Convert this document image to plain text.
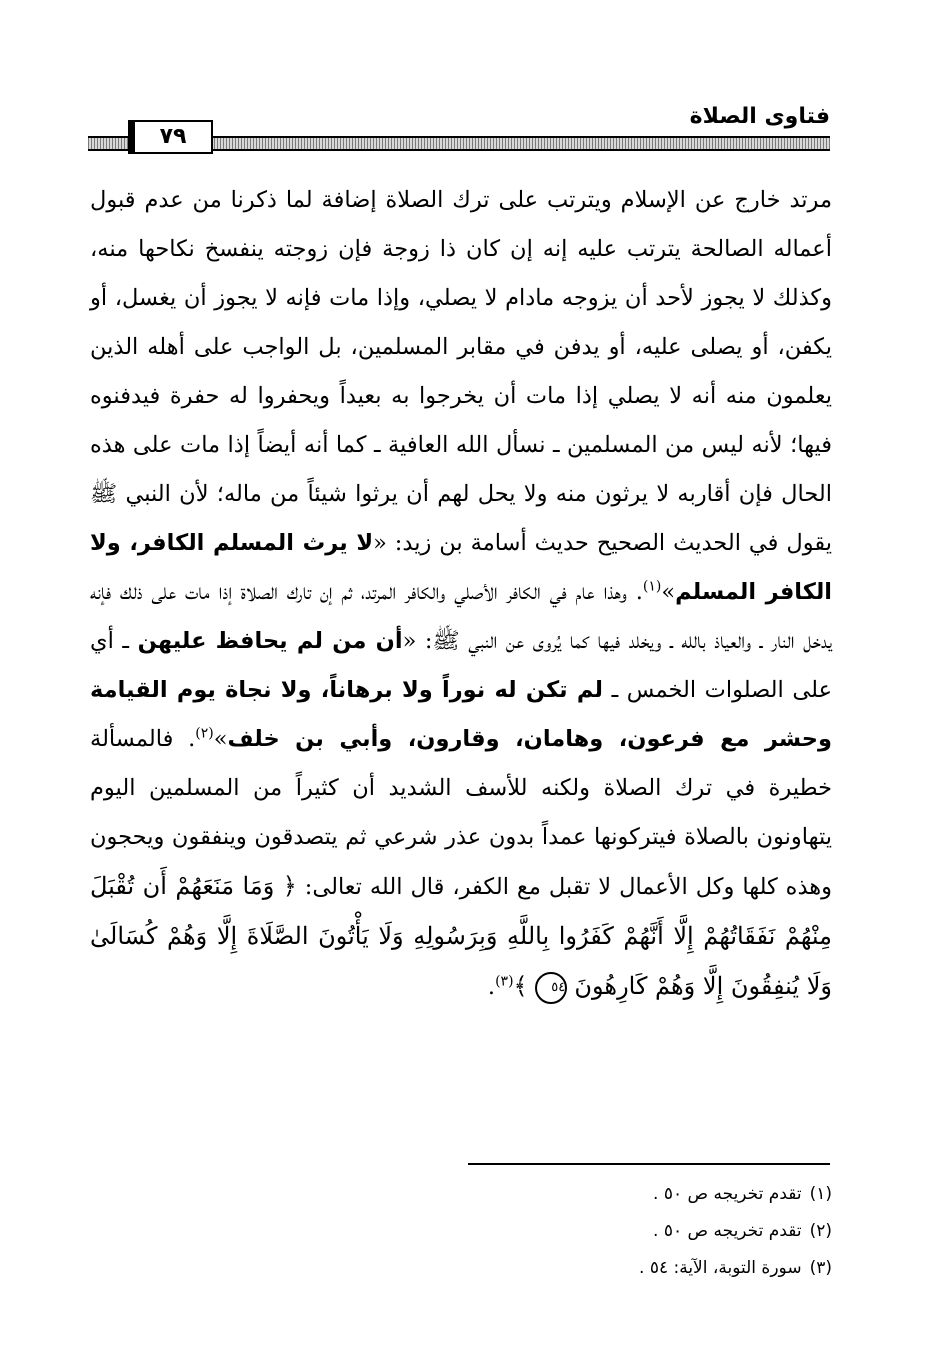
٧٩
فتاوى الصلاة
مرتد خارج عن الإسلام ويترتب على ترك الصلاة إضافة لما ذكرنا من عدم قبول أعماله الصالحة يترتب عليه إنه إن كان ذا زوجة فإن زوجته ينفسخ نكاحها منه، وكذلك لا يجوز لأحد أن يزوجه مادام لا يصلي، وإذا مات فإنه لا يجوز أن يغسل، أو يكفن، أو يصلى عليه، أو يدفن في مقابر المسلمين، بل الواجب على أهله الذين يعلمون منه أنه لا يصلي إذا مات أن يخرجوا به بعيداً ويحفروا له حفرة فيدفنوه فيها؛ لأنه ليس من المسلمين ـ نسأل الله العافية ـ كما أنه أيضاً إذا مات على هذه الحال فإن أقاربه لا يرثون منه ولا يحل لهم أن يرثوا شيئاً من ماله؛ لأن النبي ﷺ يقول في الحديث الصحيح حديث أسامة بن زيد: «لا يرث المسلم الكافر، ولا الكافر المسلم»$^{(١)}$. وهذا عام في الكافر الأصلي والكافر المرتد، ثم إن تارك الصلاة إذا مات على ذلك فإنه يدخل النار ـ والعياذ بالله ـ ويخلد فيها كما يُروى عن النبي ﷺ: «أن من لم يحافظ عليهن ـ أي على الصلوات الخمس ـ لم تكن له نوراً ولا برهاناً، ولا نجاة يوم القيامة وحشر مع فرعون، وهامان، وقارون، وأبي بن خلف»$^{(٢)}$. فالمسألة خطيرة في ترك الصلاة ولكنه للأسف الشديد أن كثيراً من المسلمين اليوم يتهاونون بالصلاة فيتركونها عمداً بدون عذر شرعي ثم يتصدقون وينفقون ويحجون وهذه كلها وكل الأعمال لا تقبل مع الكفر، قال الله تعالى: ﴿ وَمَا مَنَعَهُمْ أَن تُقْبَلَ مِنْهُمْ نَفَقَاتُهُمْ إِلَّا أَنَّهُمْ كَفَرُوا بِاللَّهِ وَبِرَسُولِهِ وَلَا يَأْتُونَ الصَّلَاةَ إِلَّا وَهُمْ كُسَالَىٰ وَلَا يُنفِقُونَ إِلَّا وَهُمْ كَارِهُونَ ٥٤ ﴾$^{(٣)}$.
(١)تقدم تخريجه ص ٥٠ .
(٢)تقدم تخريجه ص ٥٠ .
(٣)سورة التوبة، الآية: ٥٤ .
